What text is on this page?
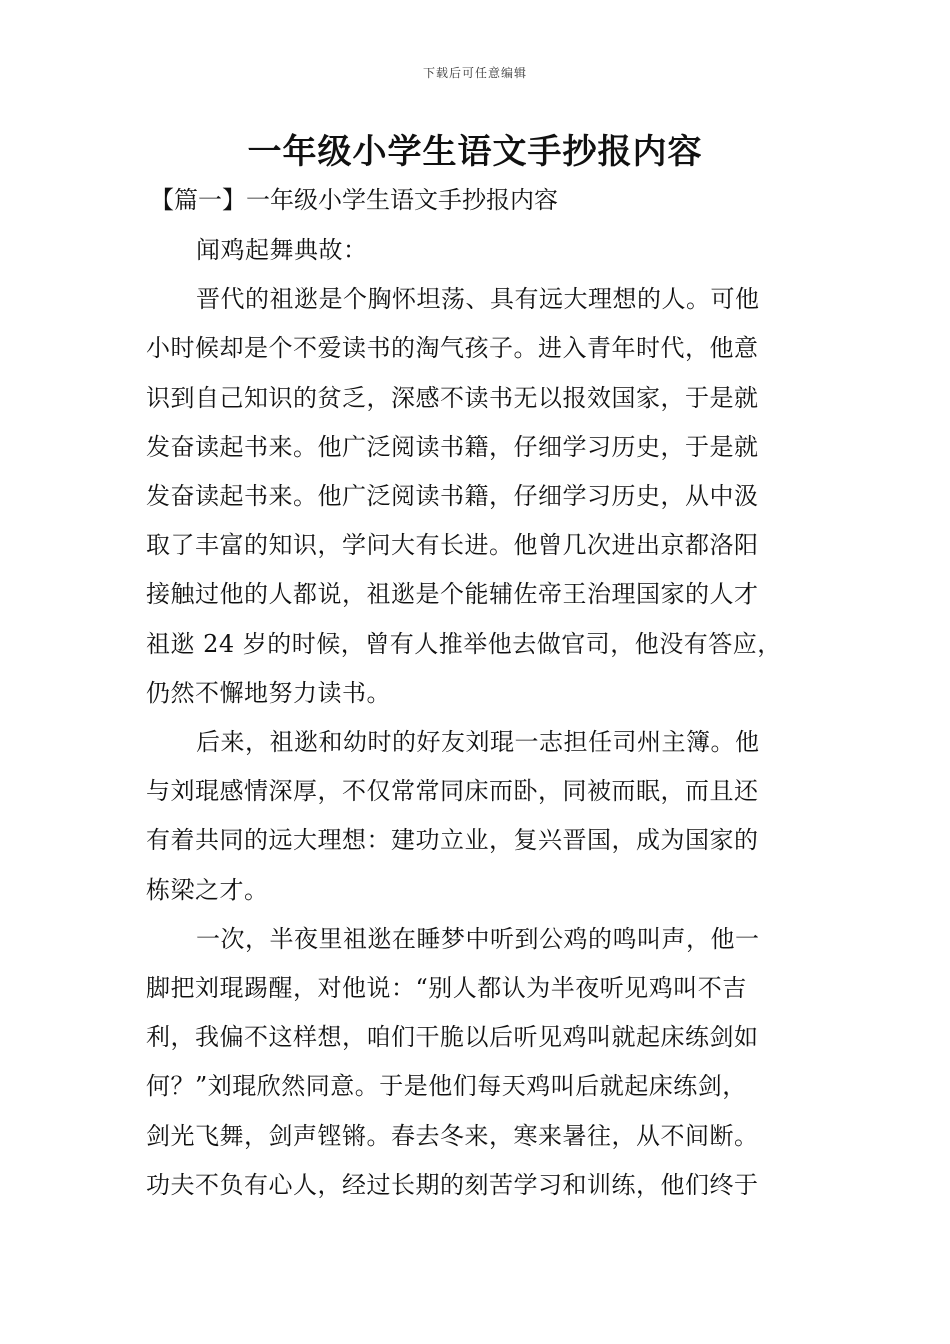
下载后可任意编辑
一年级小学生语文手抄报内容
【篇一】一年级小学生语文手抄报内容

闻鸡起舞典故：

晋代的祖逖是个胸怀坦荡、具有远大理想的人。可他
小时候却是个不爱读书的淘气孩子。进入青年时代，他意
识到自己知识的贫乏，深感不读书无以报效国家，于是就
发奋读起书来。他广泛阅读书籍，仔细学习历史，于是就
发奋读起书来。他广泛阅读书籍，仔细学习历史，从中汲
取了丰富的知识，学问大有长进。他曾几次进出京都洛阳
接触过他的人都说，祖逖是个能辅佐帝王治理国家的人才
祖逖 24 岁的时候，曾有人推举他去做官司，他没有答应，
仍然不懈地努力读书。

后来，祖逖和幼时的好友刘琨一志担任司州主簿。他
与刘琨感情深厚，不仅常常同床而卧，同被而眠，而且还
有着共同的远大理想：建功立业，复兴晋国，成为国家的
栋梁之才。

一次，半夜里祖逖在睡梦中听到公鸡的鸣叫声，他一
脚把刘琨踢醒，对他说：“别人都认为半夜听见鸡叫不吉
利，我偏不这样想，咱们干脆以后听见鸡叫就起床练剑如
何？”刘琨欣然同意。于是他们每天鸡叫后就起床练剑，
剑光飞舞，剑声铿锵。春去冬来，寒来暑往，从不间断。
功夫不负有心人，经过长期的刻苦学习和训练，他们终于
